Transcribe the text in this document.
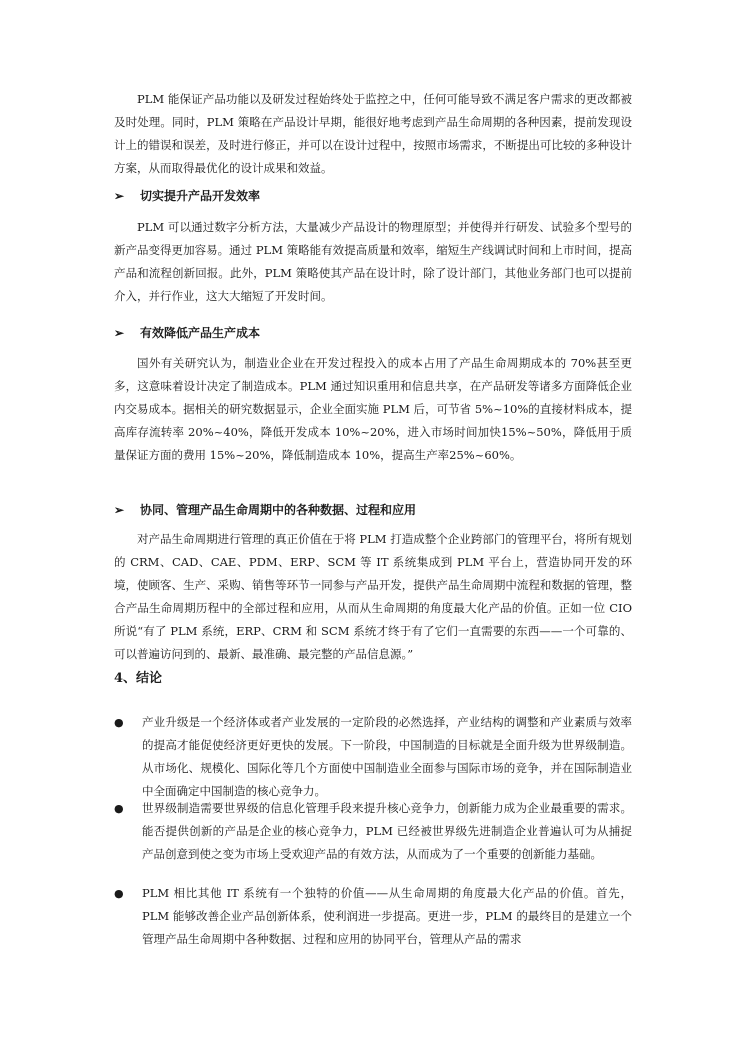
PLM 能保证产品功能以及研发过程始终处于监控之中，任何可能导致不满足客户需求的更改都被及时处理。同时，PLM 策略在产品设计早期，能很好地考虑到产品生命周期的各种因素，提前发现设计上的错误和误差，及时进行修正，并可以在设计过程中，按照市场需求，不断提出可比较的多种设计方案，从而取得最优化的设计成果和效益。

➢	切实提升产品开发效率

PLM 可以通过数字分析方法，大量减少产品设计的物理原型；并使得并行研发、试验多个型号的新产品变得更加容易。通过 PLM 策略能有效提高质量和效率，缩短生产线调试时间和上市时间，提高产品和流程创新回报。此外，PLM 策略使其产品在设计时，除了设计部门，其他业务部门也可以提前介入，并行作业，这大大缩短了开发时间。

➢	有效降低产品生产成本

国外有关研究认为，制造业企业在开发过程投入的成本占用了产品生命周期成本的 70%甚至更多，这意味着设计决定了制造成本。PLM 通过知识重用和信息共享，在产品研发等诸多方面降低企业内交易成本。据相关的研究数据显示，企业全面实施 PLM 后，可节省 5%~10%的直接材料成本，提高库存流转率 20%~40%，降低开发成本 10%~20%，进入市场时间加快15%~50%，降低用于质量保证方面的费用 15%~20%，降低制造成本 10%，提高生产率25%~60%。

➢	协同、管理产品生命周期中的各种数据、过程和应用

对产品生命周期进行管理的真正价值在于将 PLM 打造成整个企业跨部门的管理平台，将所有规划的 CRM、CAD、CAE、PDM、ERP、SCM 等 IT 系统集成到 PLM 平台上，营造协同开发的环境，使顾客、生产、采购、销售等环节一同参与产品开发，提供产品生命周期中流程和数据的管理，整合产品生命周期历程中的全部过程和应用，从而从生命周期的角度最大化产品的价值。正如一位 CIO 所说“有了 PLM 系统，ERP、CRM 和 SCM 系统才终于有了它们一直需要的东西——一个可靠的、可以普遍访问到的、最新、最准确、最完整的产品信息源。”

4、结论
●	产业升级是一个经济体或者产业发展的一定阶段的必然选择，产业结构的调整和产业素质与效率的提高才能促使经济更好更快的发展。下一阶段，中国制造的目标就是全面升级为世界级制造。从市场化、规模化、国际化等几个方面使中国制造业全面参与国际市场的竞争，并在国际制造业中全面确定中国制造的核心竞争力。

●	世界级制造需要世界级的信息化管理手段来提升核心竞争力，创新能力成为企业最重要的需求。能否提供创新的产品是企业的核心竞争力，PLM 已经被世界级先进制造企业普遍认可为从捕捉产品创意到使之变为市场上受欢迎产品的有效方法，从而成为了一个重要的创新能力基础。

●	PLM 相比其他 IT 系统有一个独特的价值——从生命周期的角度最大化产品的价值。首先，PLM 能够改善企业产品创新体系，使利润进一步提高。更进一步，PLM 的最终目的是建立一个管理产品生命周期中各种数据、过程和应用的协同平台，管理从产品的需求
